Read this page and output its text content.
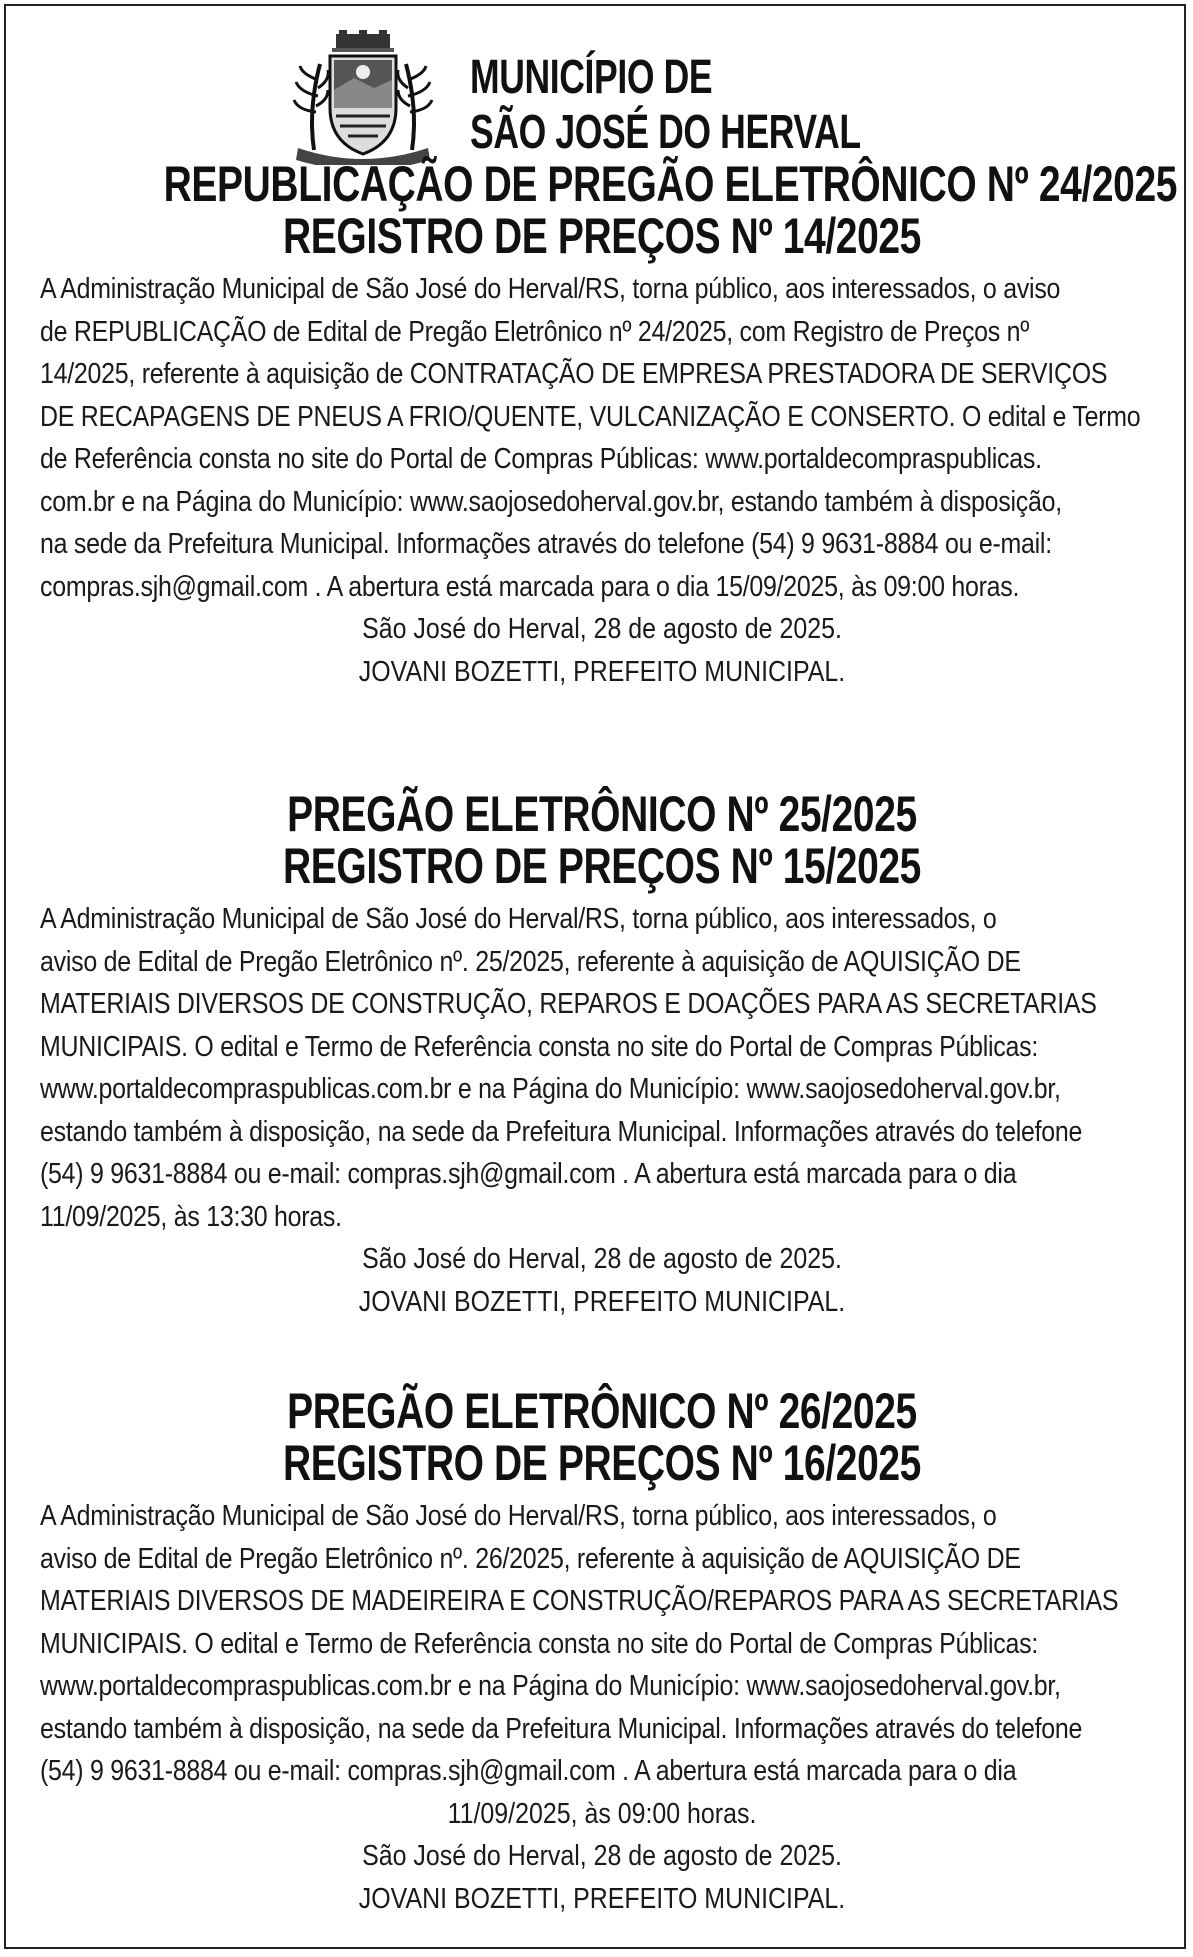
MUNICÍPIO DE
SÃO JOSÉ DO HERVAL
REPUBLICAÇÃO DE PREGÃO ELETRÔNICO Nº 24/2025
REGISTRO DE PREÇOS Nº 14/2025

A Administração Municipal de São José do Herval/RS, torna público, aos interessados, o aviso

de REPUBLICAÇÃO de Edital de Pregão Eletrônico nº 24/2025, com Registro de Preços nº

14/2025, referente à aquisição de CONTRATAÇÃO DE EMPRESA PRESTADORA DE SERVIÇOS

DE RECAPAGENS DE PNEUS A FRIO/QUENTE, VULCANIZAÇÃO E CONSERTO. O edital e Termo

de Referência consta no site do Portal de Compras Públicas: www.portaldecompraspublicas.

com.br e na Página do Município: www.saojosedoherval.gov.br, estando também à disposição,

na sede da Prefeitura Municipal. Informações através do telefone (54) 9 9631-8884 ou e-mail:

compras.sjh@gmail.com . A abertura está marcada para o dia 15/09/2025, às 09:00 horas.

São José do Herval, 28 de agosto de 2025.
JOVANI BOZETTI, PREFEITO MUNICIPAL.
PREGÃO ELETRÔNICO Nº 25/2025
REGISTRO DE PREÇOS Nº 15/2025

A Administração Municipal de São José do Herval/RS, torna público, aos interessados, o

aviso de Edital de Pregão Eletrônico nº. 25/2025, referente à aquisição de AQUISIÇÃO DE

MATERIAIS DIVERSOS DE CONSTRUÇÃO, REPAROS E DOAÇÕES PARA AS SECRETARIAS

MUNICIPAIS. O edital e Termo de Referência consta no site do Portal de Compras Públicas:

www.portaldecompraspublicas.com.br e na Página do Município: www.saojosedoherval.gov.br,

estando também à disposição, na sede da Prefeitura Municipal. Informações através do telefone

(54) 9 9631-8884 ou e-mail: compras.sjh@gmail.com . A abertura está marcada para o dia

11/09/2025, às 13:30 horas.

São José do Herval, 28 de agosto de 2025.
JOVANI BOZETTI, PREFEITO MUNICIPAL.
PREGÃO ELETRÔNICO Nº 26/2025
REGISTRO DE PREÇOS Nº 16/2025

A Administração Municipal de São José do Herval/RS, torna público, aos interessados, o

aviso de Edital de Pregão Eletrônico nº. 26/2025, referente à aquisição de AQUISIÇÃO DE

MATERIAIS DIVERSOS DE MADEIREIRA E CONSTRUÇÃO/REPAROS PARA AS SECRETARIAS

MUNICIPAIS. O edital e Termo de Referência consta no site do Portal de Compras Públicas:

www.portaldecompraspublicas.com.br e na Página do Município: www.saojosedoherval.gov.br,

estando também à disposição, na sede da Prefeitura Municipal. Informações através do telefone

(54) 9 9631-8884 ou e-mail: compras.sjh@gmail.com . A abertura está marcada para o dia

11/09/2025, às 09:00 horas.
São José do Herval, 28 de agosto de 2025.
JOVANI BOZETTI, PREFEITO MUNICIPAL.
